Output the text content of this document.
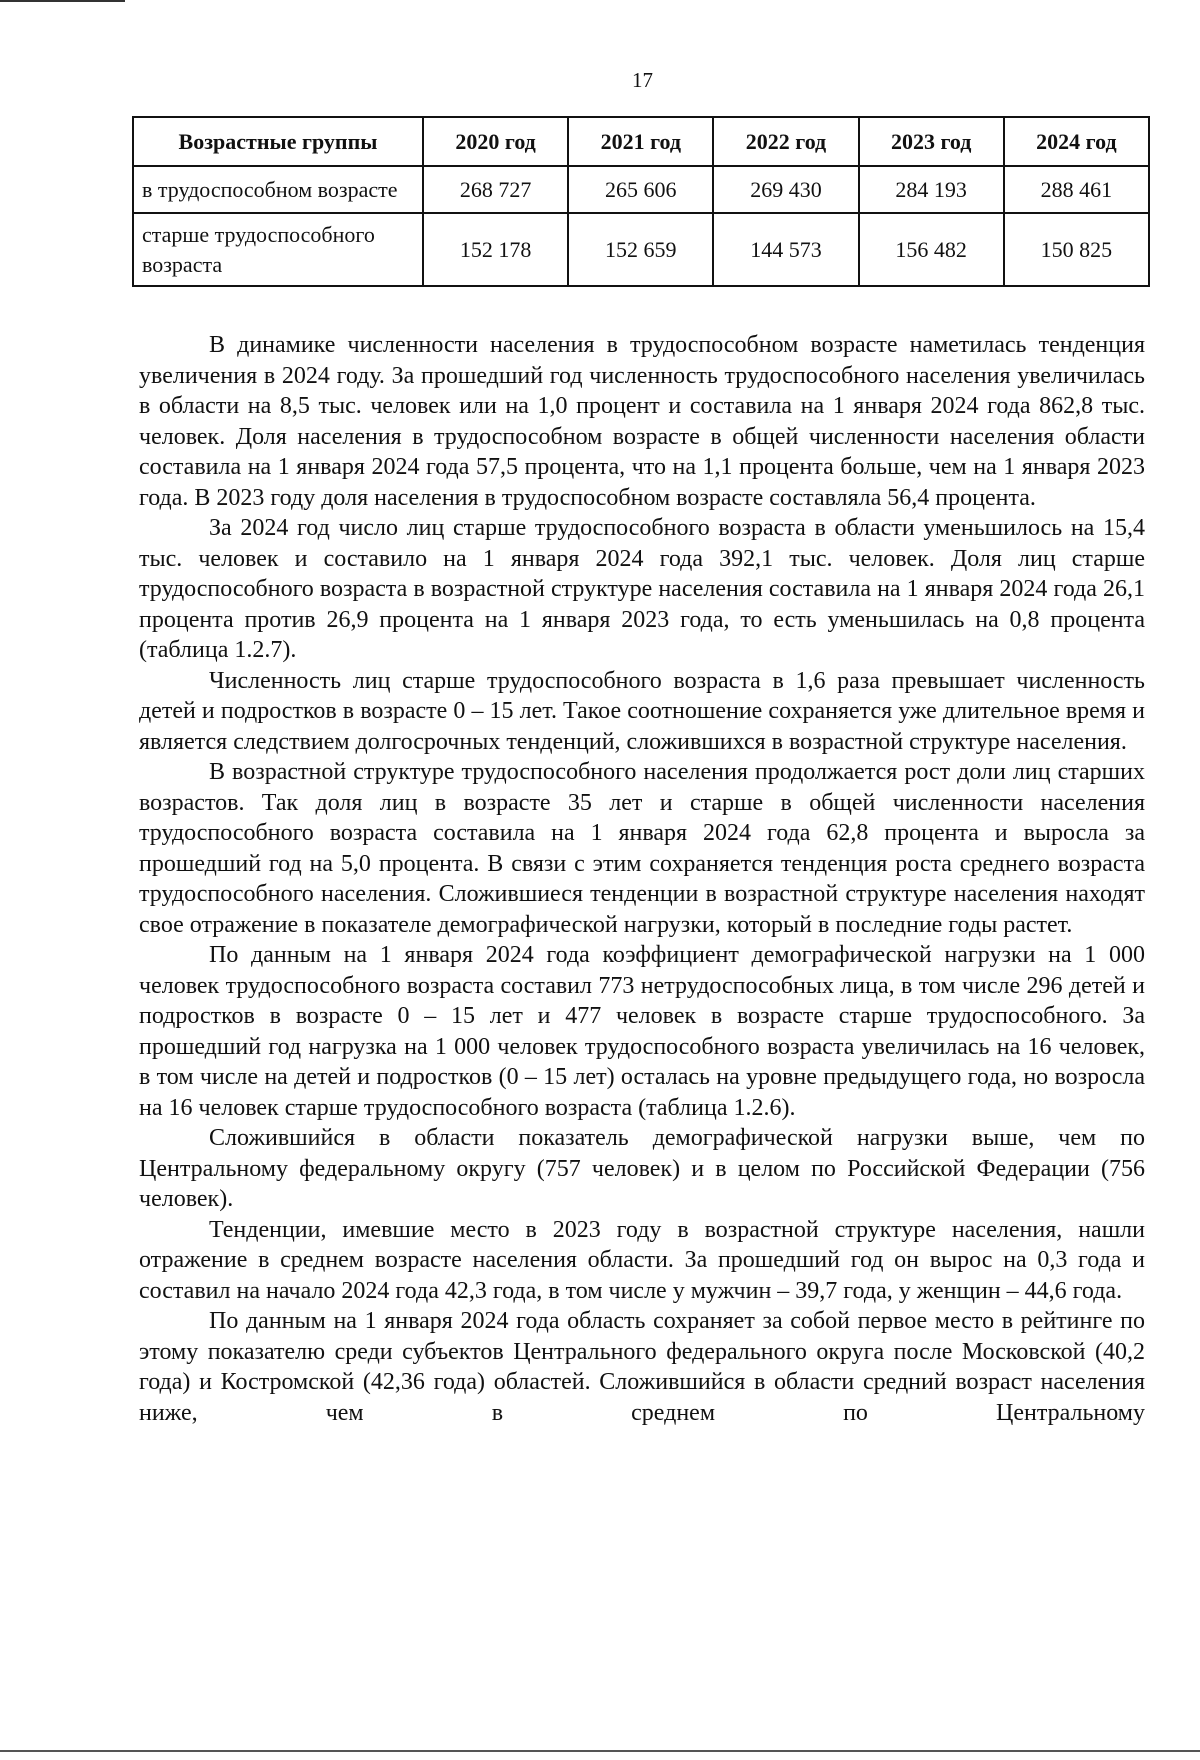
17
Возрастные группы	2020 год	2021 год	2022 год	2023 год	2024 год
в трудоспособном возрасте	268 727	265 606	269 430	284 193	288 461
старше трудоспособного возраста	152 178	152 659	144 573	156 482	150 825

В динамике численности населения в трудоспособном возрасте наметилась тенденция увеличения в 2024 году. За прошедший год численность трудоспособного населения увеличилась в области на 8,5 тыс. человек или на 1,0 процент и составила на 1 января 2024 года 862,8 тыс. человек. Доля населения в трудоспособном возрасте в общей численности населения области составила на 1 января 2024 года 57,5 процента, что на 1,1 процента больше, чем на 1 января 2023 года. В 2023 году доля населения в трудоспособном возрасте составляла 56,4 процента.

За 2024 год число лиц старше трудоспособного возраста в области уменьшилось на 15,4 тыс. человек и составило на 1 января 2024 года 392,1 тыс. человек. Доля лиц старше трудоспособного возраста в возрастной структуре населения составила на 1 января 2024 года 26,1 процента против 26,9 процента на 1 января 2023 года, то есть уменьшилась на 0,8 процента (таблица 1.2.7).

Численность лиц старше трудоспособного возраста в 1,6 раза превышает численность детей и подростков в возрасте 0 – 15 лет. Такое соотношение сохраняется уже длительное время и является следствием долгосрочных тенденций, сложившихся в возрастной структуре населения.

В возрастной структуре трудоспособного населения продолжается рост доли лиц старших возрастов. Так доля лиц в возрасте 35 лет и старше в общей численности населения трудоспособного возраста составила на 1 января 2024 года 62,8 процента и выросла за прошедший год на 5,0 процента. В связи с этим сохраняется тенденция роста среднего возраста трудоспособного населения. Сложившиеся тенденции в возрастной структуре населения находят свое отражение в показателе демографической нагрузки, который в последние годы растет.

По данным на 1 января 2024 года коэффициент демографической нагрузки на 1 000 человек трудоспособного возраста составил 773 нетрудоспособных лица, в том числе 296 детей и подростков в возрасте 0 – 15 лет и 477 человек в возрасте старше трудоспособного. За прошедший год нагрузка на 1 000 человек трудоспособного возраста увеличилась на 16 человек, в том числе на детей и подростков (0 – 15 лет) осталась на уровне предыдущего года, но возросла на 16 человек старше трудоспособного возраста (таблица 1.2.6).

Сложившийся в области показатель демографической нагрузки выше, чем по Центральному федеральному округу (757 человек) и в целом по Российской Федерации (756 человек).

Тенденции, имевшие место в 2023 году в возрастной структуре населения, нашли отражение в среднем возрасте населения области. За прошедший год он вырос на 0,3 года и составил на начало 2024 года 42,3 года, в том числе у мужчин – 39,7 года, у женщин – 44,6 года.

По данным на 1 января 2024 года область сохраняет за собой первое место в рейтинге по этому показателю среди субъектов Центрального федерального округа после Московской (40,2 года) и Костромской (42,36 года) областей. Сложившийся в области средний возраст населения ниже, чем в среднем по Центральному
